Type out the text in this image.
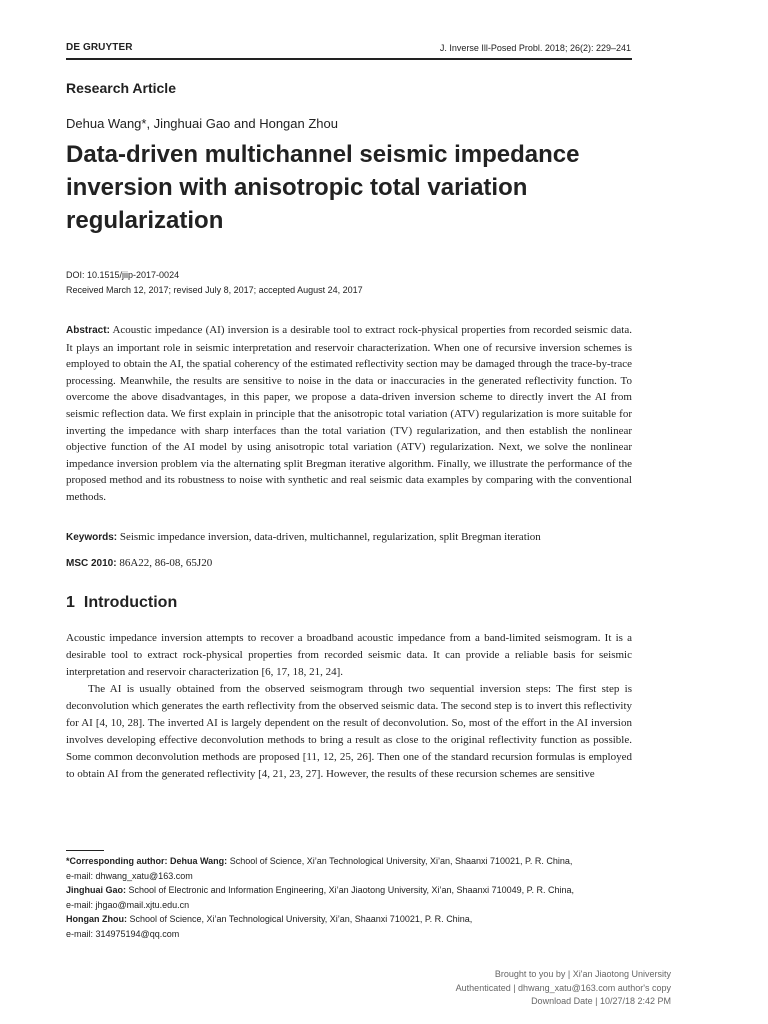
DE GRUYTER	J. Inverse Ill-Posed Probl. 2018; 26(2): 229–241
Research Article
Dehua Wang*, Jinghuai Gao and Hongan Zhou
Data-driven multichannel seismic impedance inversion with anisotropic total variation regularization
DOI: 10.1515/jiip-2017-0024
Received March 12, 2017; revised July 8, 2017; accepted August 24, 2017

Abstract: Acoustic impedance (AI) inversion is a desirable tool to extract rock-physical properties from recorded seismic data. It plays an important role in seismic interpretation and reservoir characterization. When one of recursive inversion schemes is employed to obtain the AI, the spatial coherency of the estimated reflectivity section may be damaged through the trace-by-trace processing. Meanwhile, the results are sensitive to noise in the data or inaccuracies in the generated reflectivity function. To overcome the above disadvantages, in this paper, we propose a data-driven inversion scheme to directly invert the AI from seismic reflection data. We first explain in principle that the anisotropic total variation (ATV) regularization is more suitable for inverting the impedance with sharp interfaces than the total variation (TV) regularization, and then establish the nonlinear objective function of the AI model by using anisotropic total variation (ATV) regularization. Next, we solve the nonlinear impedance inversion problem via the alternating split Bregman iterative algorithm. Finally, we illustrate the performance of the proposed method and its robustness to noise with synthetic and real seismic data examples by comparing with the conventional methods.

Keywords: Seismic impedance inversion, data-driven, multichannel, regularization, split Bregman iteration
MSC 2010: 86A22, 86-08, 65J20
1 Introduction

Acoustic impedance inversion attempts to recover a broadband acoustic impedance from a band-limited seismogram. It is a desirable tool to extract rock-physical properties from recorded seismic data. It can provide a reliable basis for seismic interpretation and reservoir characterization [6, 17, 18, 21, 24].

The AI is usually obtained from the observed seismogram through two sequential inversion steps: The first step is deconvolution which generates the earth reflectivity from the observed seismic data. The second step is to invert this reflectivity for AI [4, 10, 28]. The inverted AI is largely dependent on the result of deconvolution. So, most of the effort in the AI inversion involves developing effective deconvolution methods to bring a result as close to the original reflectivity function as possible. Some common deconvolution methods are proposed [11, 12, 25, 26]. Then one of the standard recursion formulas is employed to obtain AI from the generated reflectivity [4, 21, 23, 27]. However, the results of these recursion schemes are sensitive

*Corresponding author: Dehua Wang: School of Science, Xi’an Technological University, Xi’an, Shaanxi 710021, P. R. China,
e-mail: dhwang_xatu@163.com
Jinghuai Gao: School of Electronic and Information Engineering, Xi’an Jiaotong University, Xi’an, Shaanxi 710049, P. R. China,
e-mail: jhgao@mail.xjtu.edu.cn
Hongan Zhou: School of Science, Xi’an Technological University, Xi’an, Shaanxi 710021, P. R. China,
e-mail: 314975194@qq.com
Brought to you by | Xi'an Jiaotong University
Authenticated | dhwang_xatu@163.com author's copy
Download Date | 10/27/18 2:42 PM
